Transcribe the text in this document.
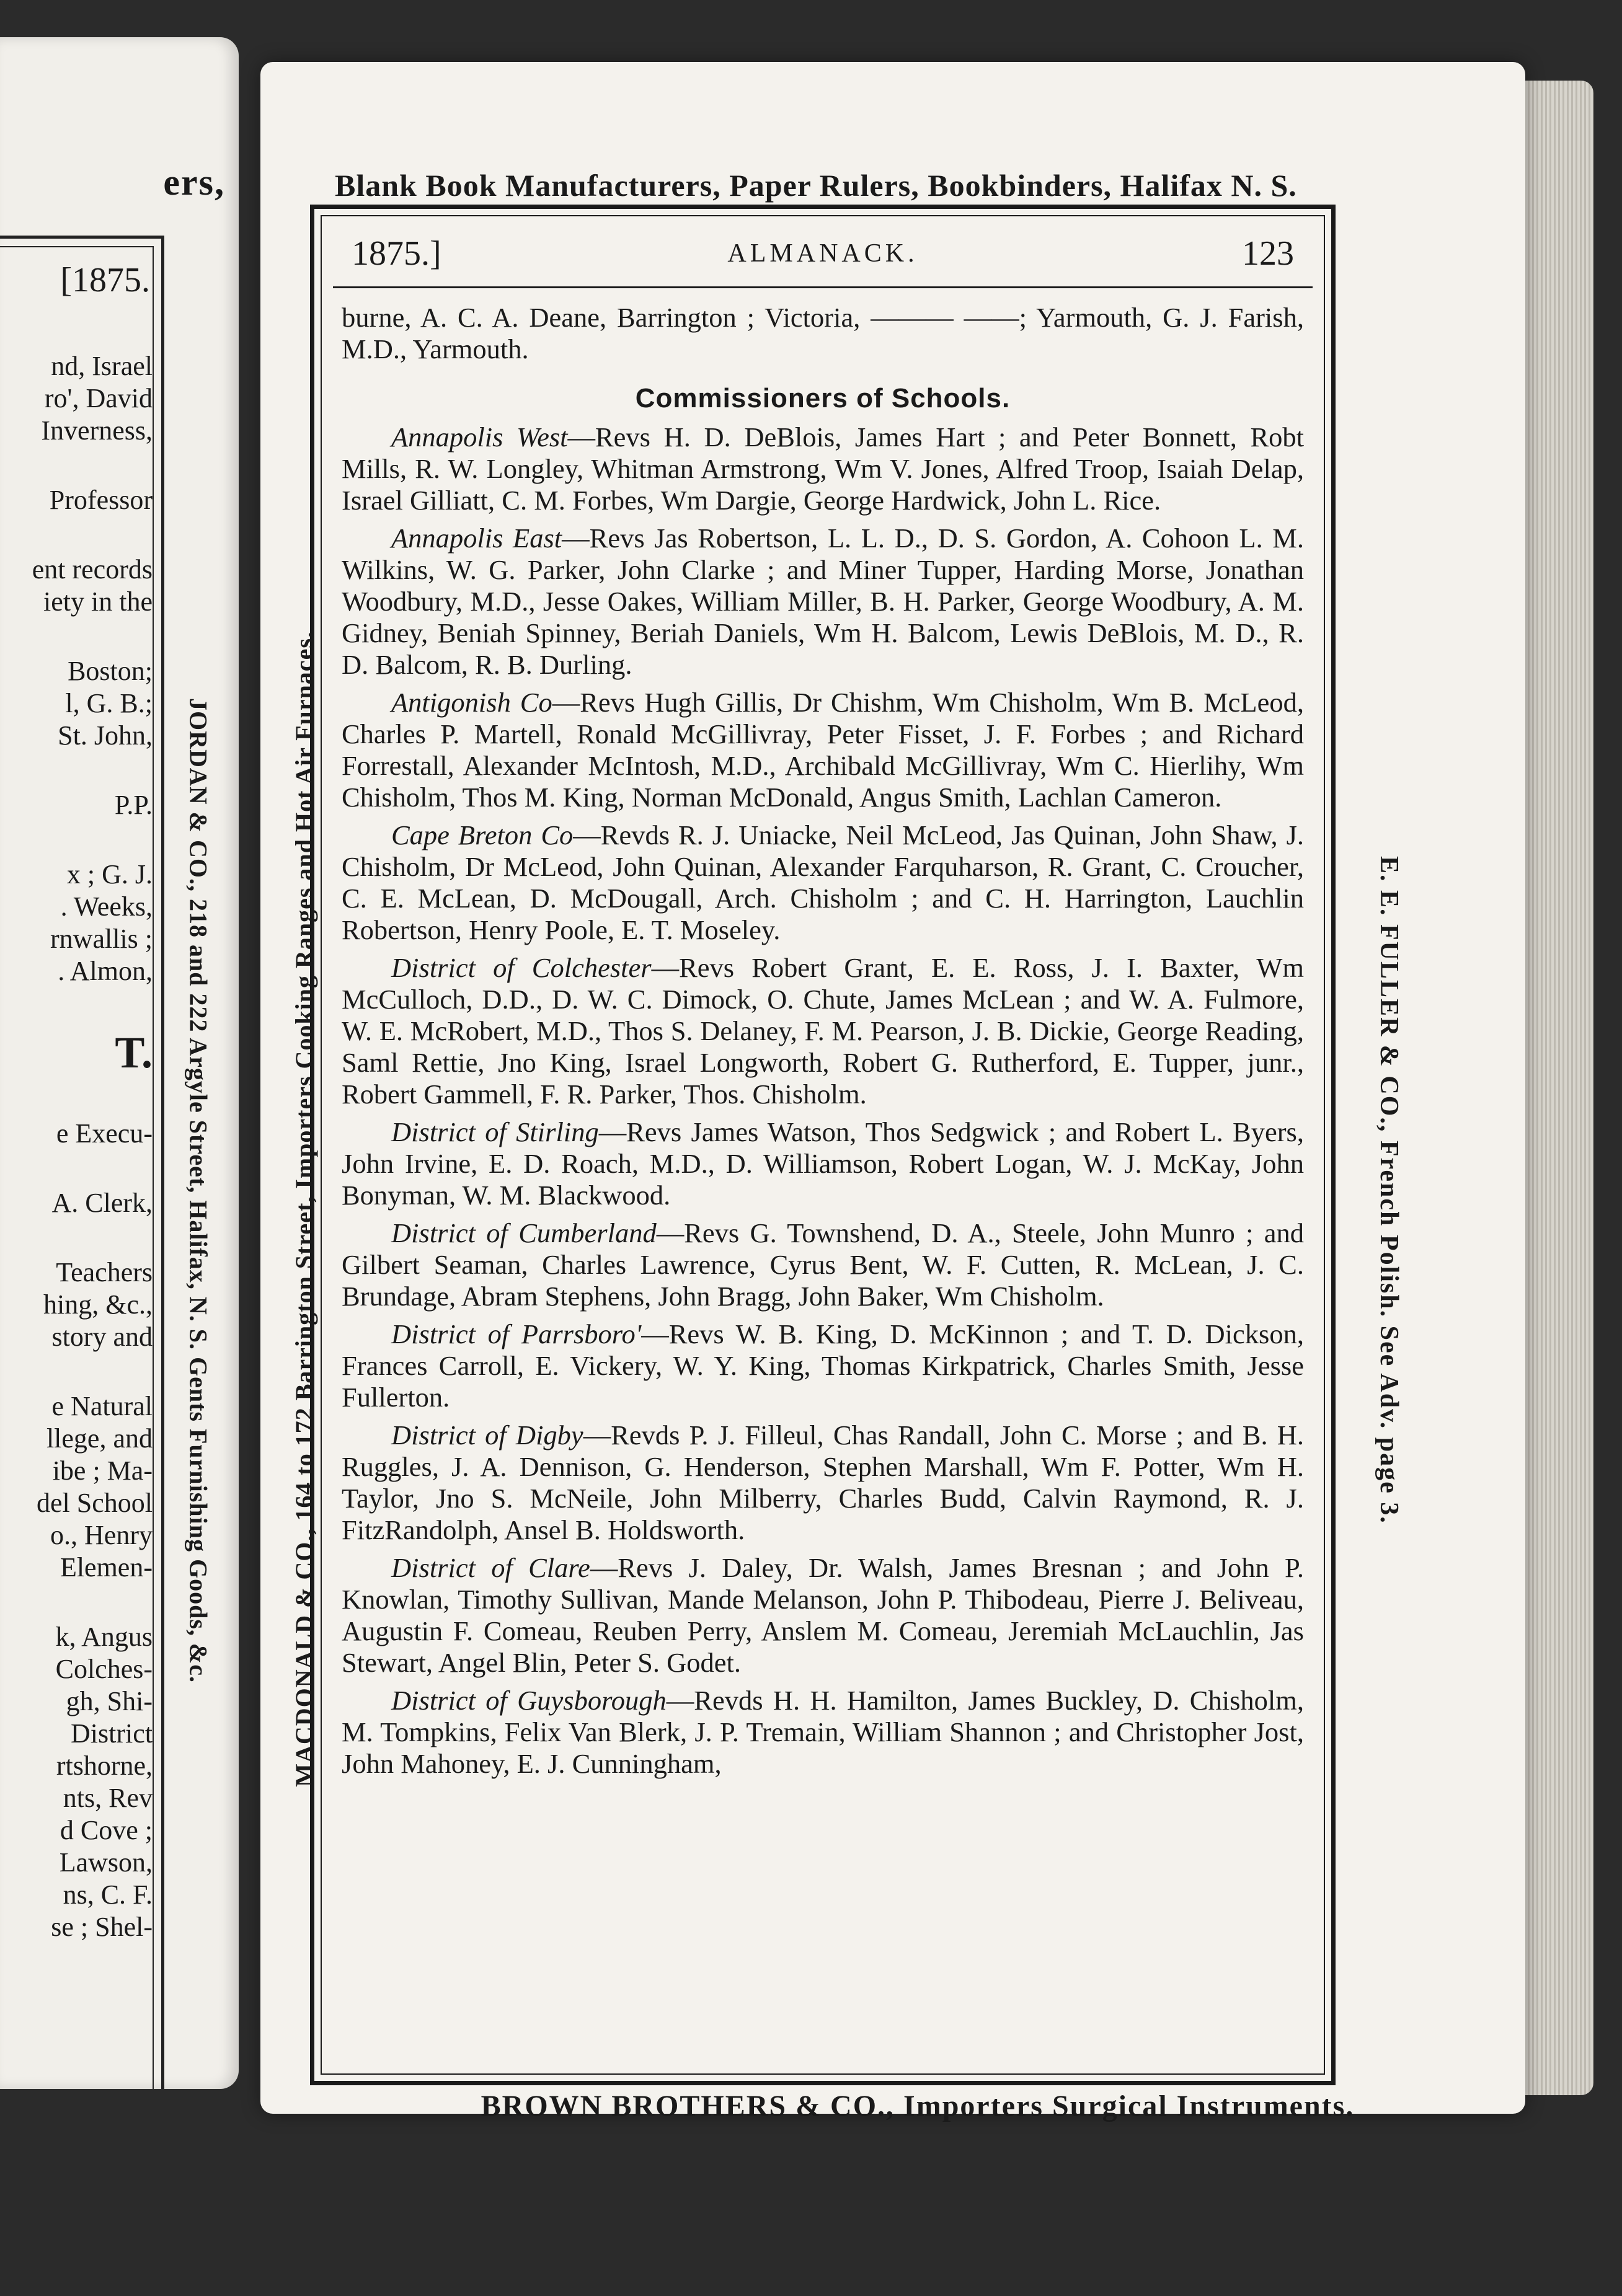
ers,
[1875.
nd, Israel
ro', David
Inverness,
Professor
ent records
iety in the
Boston;
l, G. B.;
St. John,
P.P.
x ; G. J.
. Weeks,
rnwallis ;
. Almon,
T.
e Execu-
A. Clerk,
Teachers
hing, &c.,
story and
e Natural
llege, and
ibe ; Ma-
del School
o., Henry
Elemen-
k, Angus
Colches-
gh, Shi-
District
rtshorne,
nts, Rev
d Cove ;
Lawson,
ns, C. F.
se ; Shel-
JORDAN & CO., 218 and 222 Argyle Street, Halifax, N. S. Gents Furnishing Goods, &c.
Blank Book Manufacturers, Paper Rulers, Bookbinders, Halifax N. S.
MACDONALD & CO., 164 to 172 Barrington Street, Importers Cooking Ranges and Hot Air Furnaces.
1875.]	ALMANACK.	123

burne, A. C. A. Deane, Barrington ; Victoria, ——— ——; Yarmouth, G. J. Farish, M.D., Yarmouth.

Commissioners of Schools.

Annapolis West—Revs H. D. DeBlois, James Hart ; and Peter Bonnett, Robt Mills, R. W. Longley, Whitman Armstrong, Wm V. Jones, Alfred Troop, Isaiah Delap, Israel Gilliatt, C. M. Forbes, Wm Dargie, George Hardwick, John L. Rice.

Annapolis East—Revs Jas Robertson, L. L. D., D. S. Gordon, A. Cohoon L. M. Wilkins, W. G. Parker, John Clarke ; and Miner Tupper, Harding Morse, Jonathan Woodbury, M.D., Jesse Oakes, William Miller, B. H. Parker, George Woodbury, A. M. Gidney, Beniah Spinney, Beriah Daniels, Wm H. Balcom, Lewis DeBlois, M. D., R. D. Balcom, R. B. Durling.

Antigonish Co—Revs Hugh Gillis, Dr Chishm, Wm Chisholm, Wm B. McLeod, Charles P. Martell, Ronald McGillivray, Peter Fisset, J. F. Forbes ; and Richard Forrestall, Alexander McIntosh, M.D., Archibald McGillivray, Wm C. Hierlihy, Wm Chisholm, Thos M. King, Norman McDonald, Angus Smith, Lachlan Cameron.

Cape Breton Co—Revds R. J. Uniacke, Neil McLeod, Jas Quinan, John Shaw, J. Chisholm, Dr McLeod, John Quinan, Alexander Farquharson, R. Grant, C. Croucher, C. E. McLean, D. McDougall, Arch. Chisholm ; and C. H. Harrington, Lauchlin Robertson, Henry Poole, E. T. Moseley.

District of Colchester—Revs Robert Grant, E. E. Ross, J. I. Baxter, Wm McCulloch, D.D., D. W. C. Dimock, O. Chute, James McLean ; and W. A. Fulmore, W. E. McRobert, M.D., Thos S. Delaney, F. M. Pearson, J. B. Dickie, George Reading, Saml Rettie, Jno King, Israel Longworth, Robert G. Rutherford, E. Tupper, junr., Robert Gammell, F. R. Parker, Thos. Chisholm.

District of Stirling—Revs James Watson, Thos Sedgwick ; and Robert L. Byers, John Irvine, E. D. Roach, M.D., D. Williamson, Robert Logan, W. J. McKay, John Bonyman, W. M. Blackwood.

District of Cumberland—Revs G. Townshend, D. A., Steele, John Munro ; and Gilbert Seaman, Charles Lawrence, Cyrus Bent, W. F. Cutten, R. McLean, J. C. Brundage, Abram Stephens, John Bragg, John Baker, Wm Chisholm.

District of Parrsboro'—Revs W. B. King, D. McKinnon ; and T. D. Dickson, Frances Carroll, E. Vickery, W. Y. King, Thomas Kirkpatrick, Charles Smith, Jesse Fullerton.

District of Digby—Revds P. J. Filleul, Chas Randall, John C. Morse ; and B. H. Ruggles, J. A. Dennison, G. Henderson, Stephen Marshall, Wm F. Potter, Wm H. Taylor, Jno S. McNeile, John Milberry, Charles Budd, Calvin Raymond, R. J. FitzRandolph, Ansel B. Holdsworth.

District of Clare—Revs J. Daley, Dr. Walsh, James Bresnan ; and John P. Knowlan, Timothy Sullivan, Mande Melanson, John P. Thibodeau, Pierre J. Beliveau, Augustin F. Comeau, Reuben Perry, Anslem M. Comeau, Jeremiah McLauchlin, Jas Stewart, Angel Blin, Peter S. Godet.

District of Guysborough—Revds H. H. Hamilton, James Buckley, D. Chisholm, M. Tompkins, Felix Van Blerk, J. P. Tremain, William Shannon ; and Christopher Jost, John Mahoney, E. J. Cunningham,

E. E. FULLER & CO., French Polish. See Adv. page 3.
BROWN BROTHERS & CO., Importers Surgical Instruments.
